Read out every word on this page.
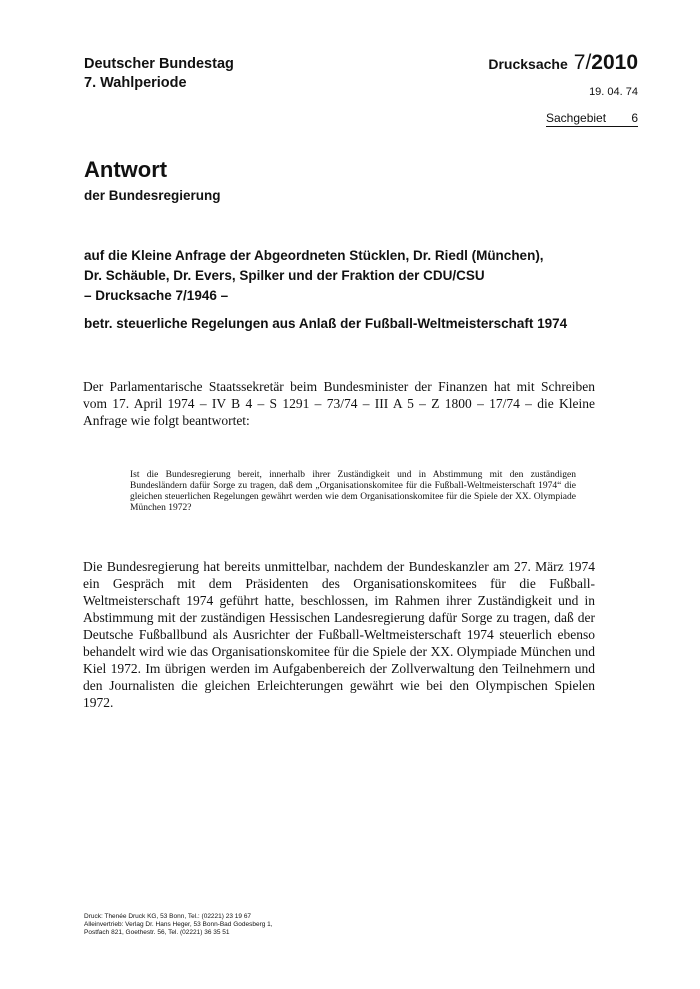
Deutscher Bundestag
7. Wahlperiode
Drucksache 7/2010
19. 04. 74
Sachgebiet 6
Antwort
der Bundesregierung
auf die Kleine Anfrage der Abgeordneten Stücklen, Dr. Riedl (München),
Dr. Schäuble, Dr. Evers, Spilker und der Fraktion der CDU/CSU
– Drucksache 7/1946 –
betr. steuerliche Regelungen aus Anlaß der Fußball-Weltmeisterschaft 1974
Der Parlamentarische Staatssekretär beim Bundesminister der Finanzen hat mit Schreiben vom 17. April 1974 – IV B 4 – S 1291 – 73/74 – III A 5 – Z 1800 – 17/74 – die Kleine Anfrage wie folgt beantwortet:
Ist die Bundesregierung bereit, innerhalb ihrer Zuständigkeit und in Abstimmung mit den zuständigen Bundesländern dafür Sorge zu tragen, daß dem „Organisationskomitee für die Fußball-Weltmeisterschaft 1974“ die gleichen steuerlichen Regelungen gewährt werden wie dem Organisationskomitee für die Spiele der XX. Olympiade München 1972?
Die Bundesregierung hat bereits unmittelbar, nachdem der Bundeskanzler am 27. März 1974 ein Gespräch mit dem Präsidenten des Organisationskomitees für die Fußball-Weltmeisterschaft 1974 geführt hatte, beschlossen, im Rahmen ihrer Zuständigkeit und in Abstimmung mit der zuständigen Hessischen Landesregierung dafür Sorge zu tragen, daß der Deutsche Fußballbund als Ausrichter der Fußball-Weltmeisterschaft 1974 steuerlich ebenso behandelt wird wie das Organisationskomitee für die Spiele der XX. Olympiade München und Kiel 1972. Im übrigen werden im Aufgabenbereich der Zollverwaltung den Teilnehmern und den Journalisten die gleichen Erleichterungen gewährt wie bei den Olympischen Spielen 1972.
Druck: Thenée Druck KG, 53 Bonn, Tel.: (02221) 23 19 67
Alleinvertrieb: Verlag Dr. Hans Heger, 53 Bonn-Bad Godesberg 1,
Postfach 821, Goethestr. 56, Tel. (02221) 36 35 51
